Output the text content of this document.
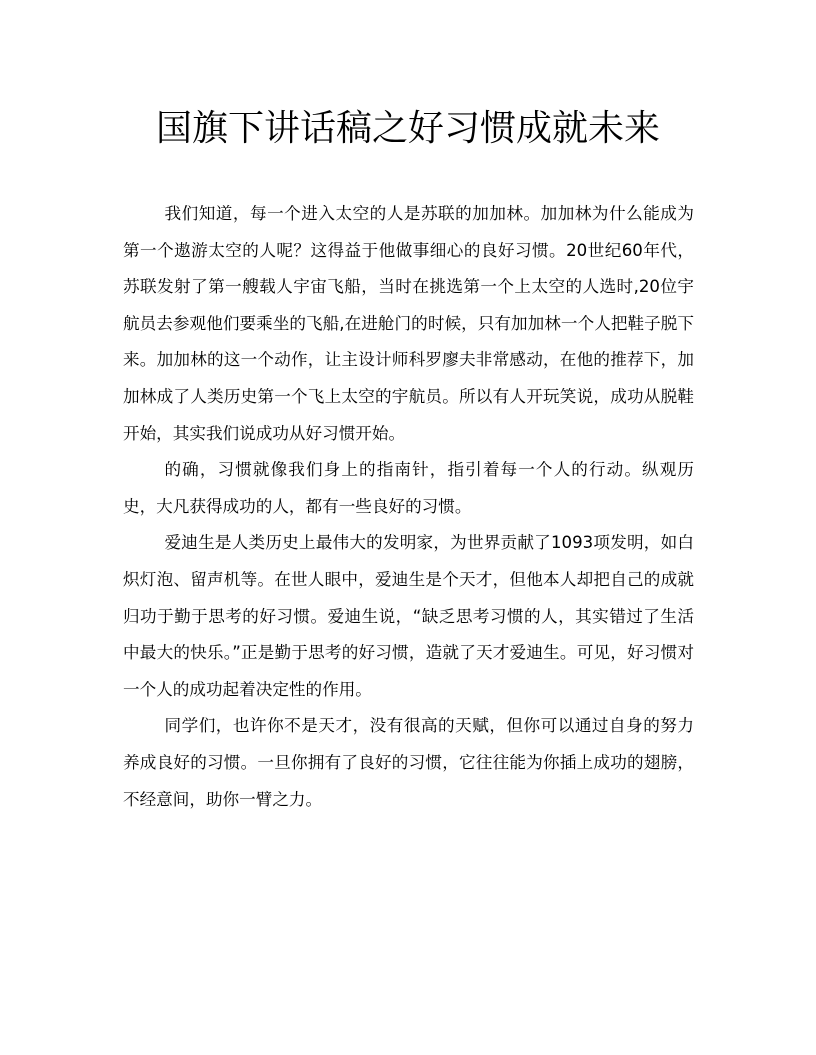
国旗下讲话稿之好习惯成就未来

我们知道，每一个进入太空的人是苏联的加加林。加加林为什么能成为第一个遨游太空的人呢？这得益于他做事细心的良好习惯。20世纪60年代，苏联发射了第一艘载人宇宙飞船，当时在挑选第一个上太空的人选时,20位宇航员去参观他们要乘坐的飞船,在进舱门的时候，只有加加林一个人把鞋子脱下来。加加林的这一个动作，让主设计师科罗廖夫非常感动，在他的推荐下，加加林成了人类历史第一个飞上太空的宇航员。所以有人开玩笑说，成功从脱鞋开始，其实我们说成功从好习惯开始。

的确，习惯就像我们身上的指南针，指引着每一个人的行动。纵观历史，大凡获得成功的人，都有一些良好的习惯。

爱迪生是人类历史上最伟大的发明家，为世界贡献了1093项发明，如白炽灯泡、留声机等。在世人眼中，爱迪生是个天才，但他本人却把自己的成就归功于勤于思考的好习惯。爱迪生说，“缺乏思考习惯的人，其实错过了生活中最大的快乐。”正是勤于思考的好习惯，造就了天才爱迪生。可见，好习惯对一个人的成功起着决定性的作用。

同学们，也许你不是天才，没有很高的天赋，但你可以通过自身的努力养成良好的习惯。一旦你拥有了良好的习惯，它往往能为你插上成功的翅膀，不经意间，助你一臂之力。
